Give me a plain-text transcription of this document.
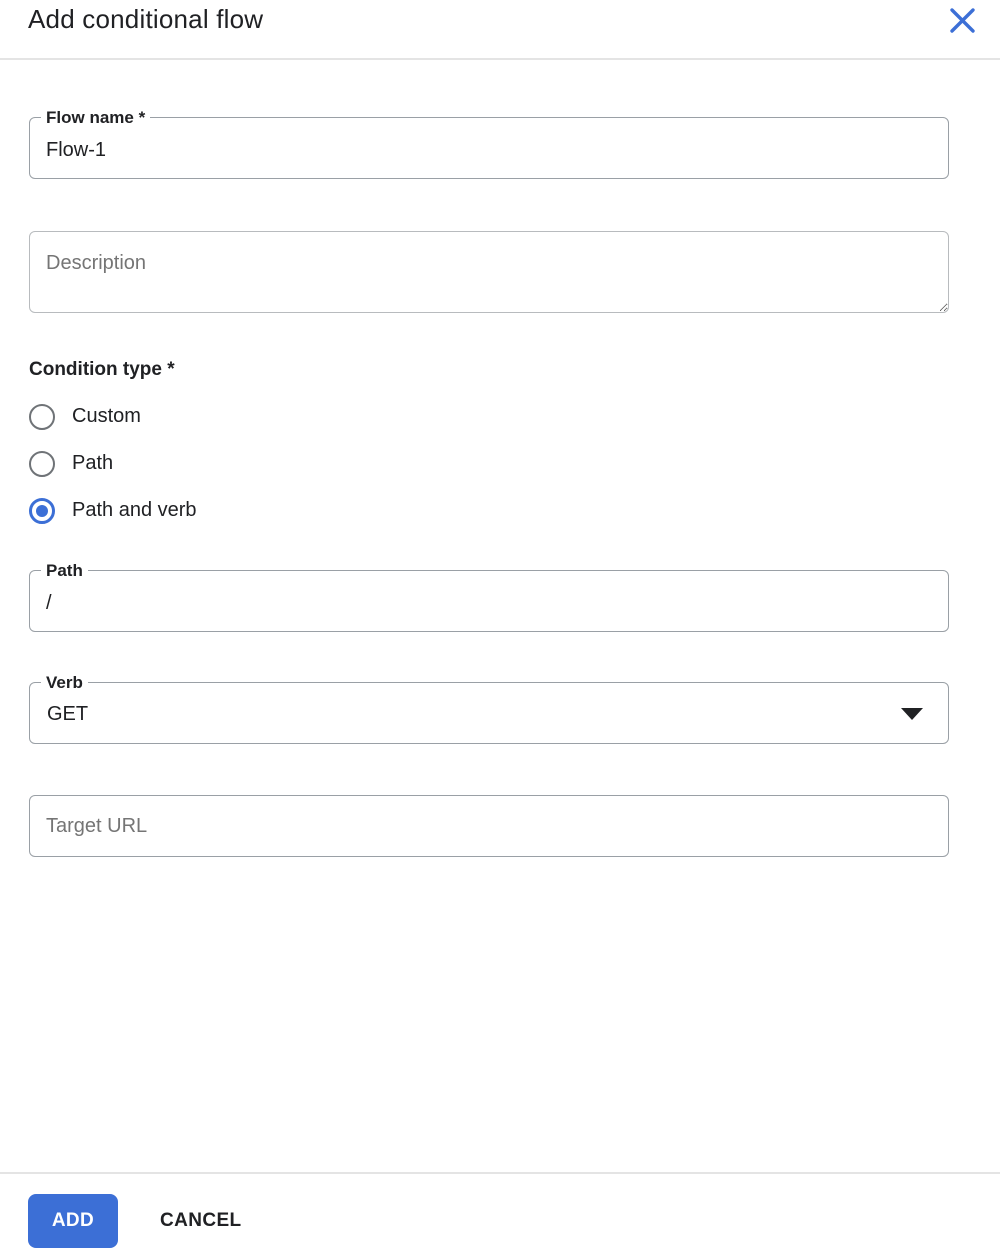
Add conditional flow
Flow name *
Flow-1
Description
Condition type *
Custom
Path
Path and verb
Path
/
Verb
GET
Target URL
ADD	CANCEL
